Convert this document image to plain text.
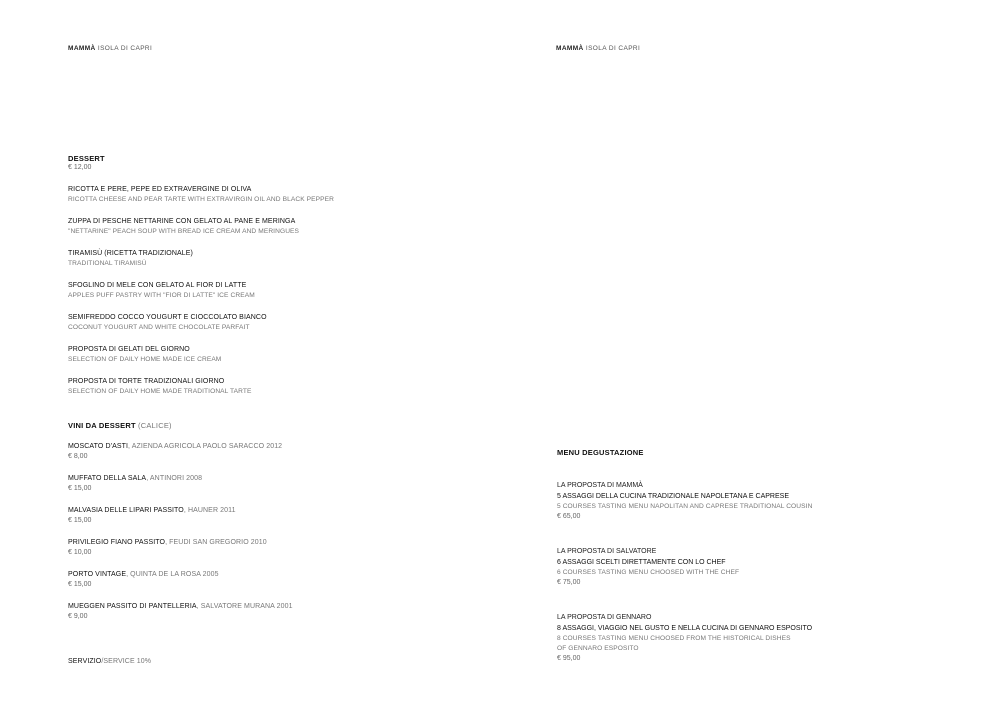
MAMMÀ ISOLA DI CAPRI
DESSERT
€ 12,00
RICOTTA E PERE, PEPE ED EXTRAVERGINE DI OLIVA
RICOTTA CHEESE AND PEAR TARTE WITH EXTRAVIRGIN OIL AND BLACK PEPPER
ZUPPA DI PESCHE NETTARINE CON GELATO AL PANE E MERINGA
"NETTARINE" PEACH SOUP WITH BREAD ICE CREAM AND MERINGUES
TIRAMISÙ (RICETTA TRADIZIONALE)
TRADITIONAL TIRAMISÙ
SFOGLINO DI MELE CON GELATO AL FIOR DI LATTE
APPLES PUFF PASTRY WITH "FIOR DI LATTE" ICE CREAM
SEMIFREDDO COCCO YOUGURT E CIOCCOLATO BIANCO
COCONUT YOUGURT AND WHITE CHOCOLATE PARFAIT
PROPOSTA DI GELATI DEL GIORNO
SELECTION OF DAILY HOME MADE ICE CREAM
PROPOSTA DI TORTE TRADIZIONALI GIORNO
SELECTION OF DAILY HOME MADE TRADITIONAL TARTE
VINI DA DESSERT (CALICE)
MOSCATO D'ASTI, AZIENDA AGRICOLA PAOLO SARACCO 2012
€ 8,00
MUFFATO DELLA SALA, ANTINORI 2008
€ 15,00
MALVASIA DELLE LIPARI PASSITO, HAUNER 2011
€ 15,00
PRIVILEGIO FIANO PASSITO, FEUDI SAN GREGORIO 2010
€ 10,00
PORTO VINTAGE, QUINTA DE LA ROSA 2005
€ 15,00
MUEGGEN PASSITO DI PANTELLERIA, SALVATORE MURANA 2001
€ 9,00
SERVIZIO/SERVICE 10%
MAMMÀ ISOLA DI CAPRI
MENU DEGUSTAZIONE
LA PROPOSTA DI MAMMÀ
5 ASSAGGI DELLA CUCINA TRADIZIONALE NAPOLETANA E CAPRESE
5 COURSES TASTING MENU NAPOLITAN AND CAPRESE TRADITIONAL COUSIN
€ 65,00
LA PROPOSTA DI SALVATORE
6 ASSAGGI SCELTI DIRETTAMENTE CON LO CHEF
6 COURSES TASTING MENU CHOOSED WITH THE CHEF
€ 75,00
LA PROPOSTA DI GENNARO
8 ASSAGGI, VIAGGIO NEL GUSTO E NELLA CUCINA DI GENNARO ESPOSITO
8 COURSES TASTING MENU CHOOSED FROM THE HISTORICAL DISHES
OF GENNARO ESPOSITO
€ 95,00
